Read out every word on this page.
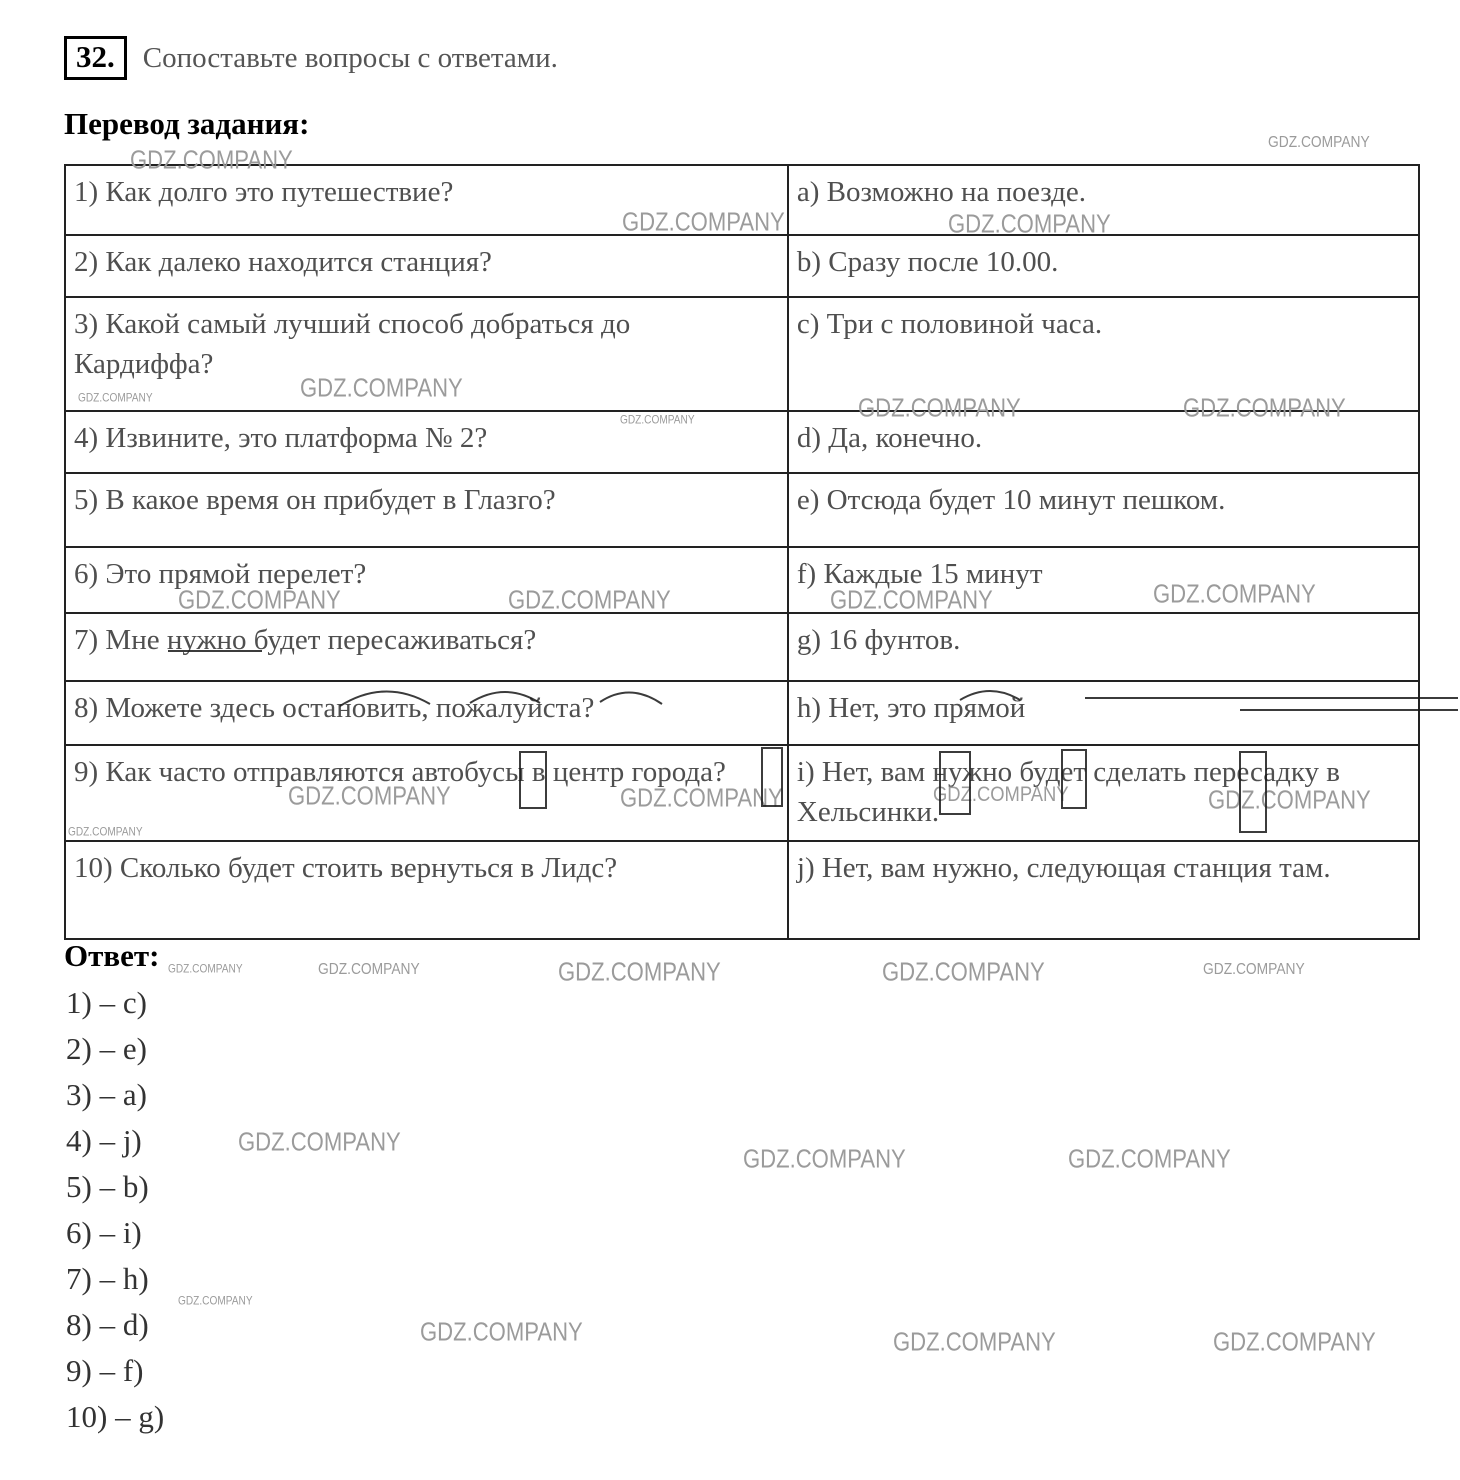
32. Сопоставьте вопросы с ответами.
Перевод задания:
1) Как долго это путешествие?	a) Возможно на поезде.
2) Как далеко находится станция?	b) Сразу после 10.00.
3) Какой самый лучший способ добраться до Кардиффа?	c) Три с половиной часа.
4) Извините, это платформа № 2?	d) Да, конечно.
5) В какое время он прибудет в Глазго?	e) Отсюда будет 10 минут пешком.
6) Это прямой перелет?	f) Каждые 15 минут
7) Мне нужно будет пересаживаться?	g) 16 фунтов.
8) Можете здесь остановить, пожалуйста?	h) Нет, это прямой
9) Как часто отправляются автобусы в центр города?	i) Нет, вам нужно будет сделать пересадку в Хельсинки.
10) Сколько будет стоить вернуться в Лидс?	j) Нет, вам нужно, следующая станция там.
Ответ:
1) – c)
2) – e)
3) – a)
4) – j)
5) – b)
6) – i)
7) – h)
8) – d)
9) – f)
10) – g)
GDZ.COMPANY
GDZ.COMPANY
GDZ.COMPANY	GDZ.COMPANY
GDZ.COMPANY
GDZ.COMPANY
GDZ.COMPANY	GDZ.COMPANY	GDZ.COMPANY
GDZ.COMPANY	GDZ.COMPANY	GDZ.COMPANY	GDZ.COMPANY
GDZ.COMPANY	GDZ.COMPANY	GDZ.COMPANY	GDZ.COMPANY
GDZ.COMPANY
GDZ.COMPANY	GDZ.COMPANY	GDZ.COMPANY	GDZ.COMPANY	GDZ.COMPANY
GDZ.COMPANY
GDZ.COMPANY	GDZ.COMPANY
GDZ.COMPANY
GDZ.COMPANY	GDZ.COMPANY	GDZ.COMPANY
